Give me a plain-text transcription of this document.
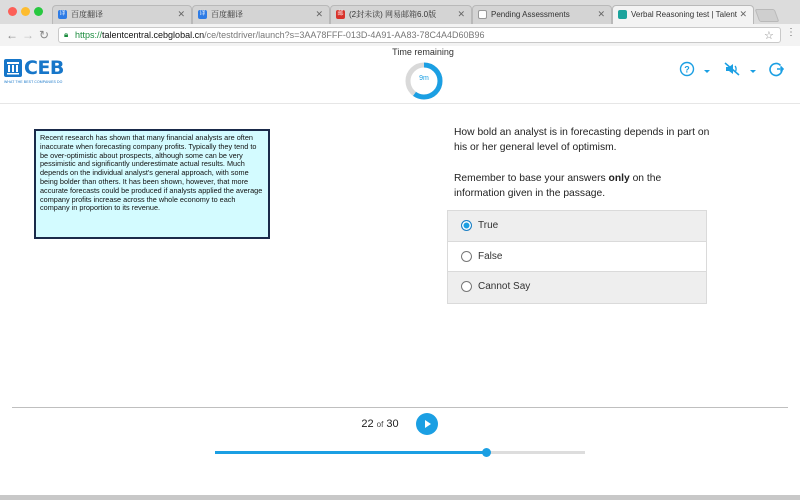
译 百度翻译	✕ 译 百度翻译	✕ 邮 (2封未读) 网易邮箱6.0版 ✕	Pending Assessments	✕	Verbal Reasoning test | Talent ✕
← → ↻ 🔒︎ https://talentcentral.cebglobal.cn/ce/testdriver/launch?s=3AA78FFF-013D-4A91-AA83-78C4A4D60B96	☆ ⋮
CEB
WHAT THE BEST COMPANIES DO
Time remaining
9m
?
Recent research has shown that many financial analysts are often inaccurate when forecasting company profits. Typically they tend to be over-optimistic about prospects, although some can be very pessimistic and significantly underestimate actual results. Much depends on the individual analyst's general approach, with some being bolder than others. It has been shown, however, that more accurate forecasts could be produced if analysts applied the average company profits increase across the whole economy to each company in proportion to its revenue.
How bold an analyst is in forecasting depends in part on his or her general level of optimism.
Remember to base your answers only on the information given in the passage.
True
False
Cannot Say
22 of 30
